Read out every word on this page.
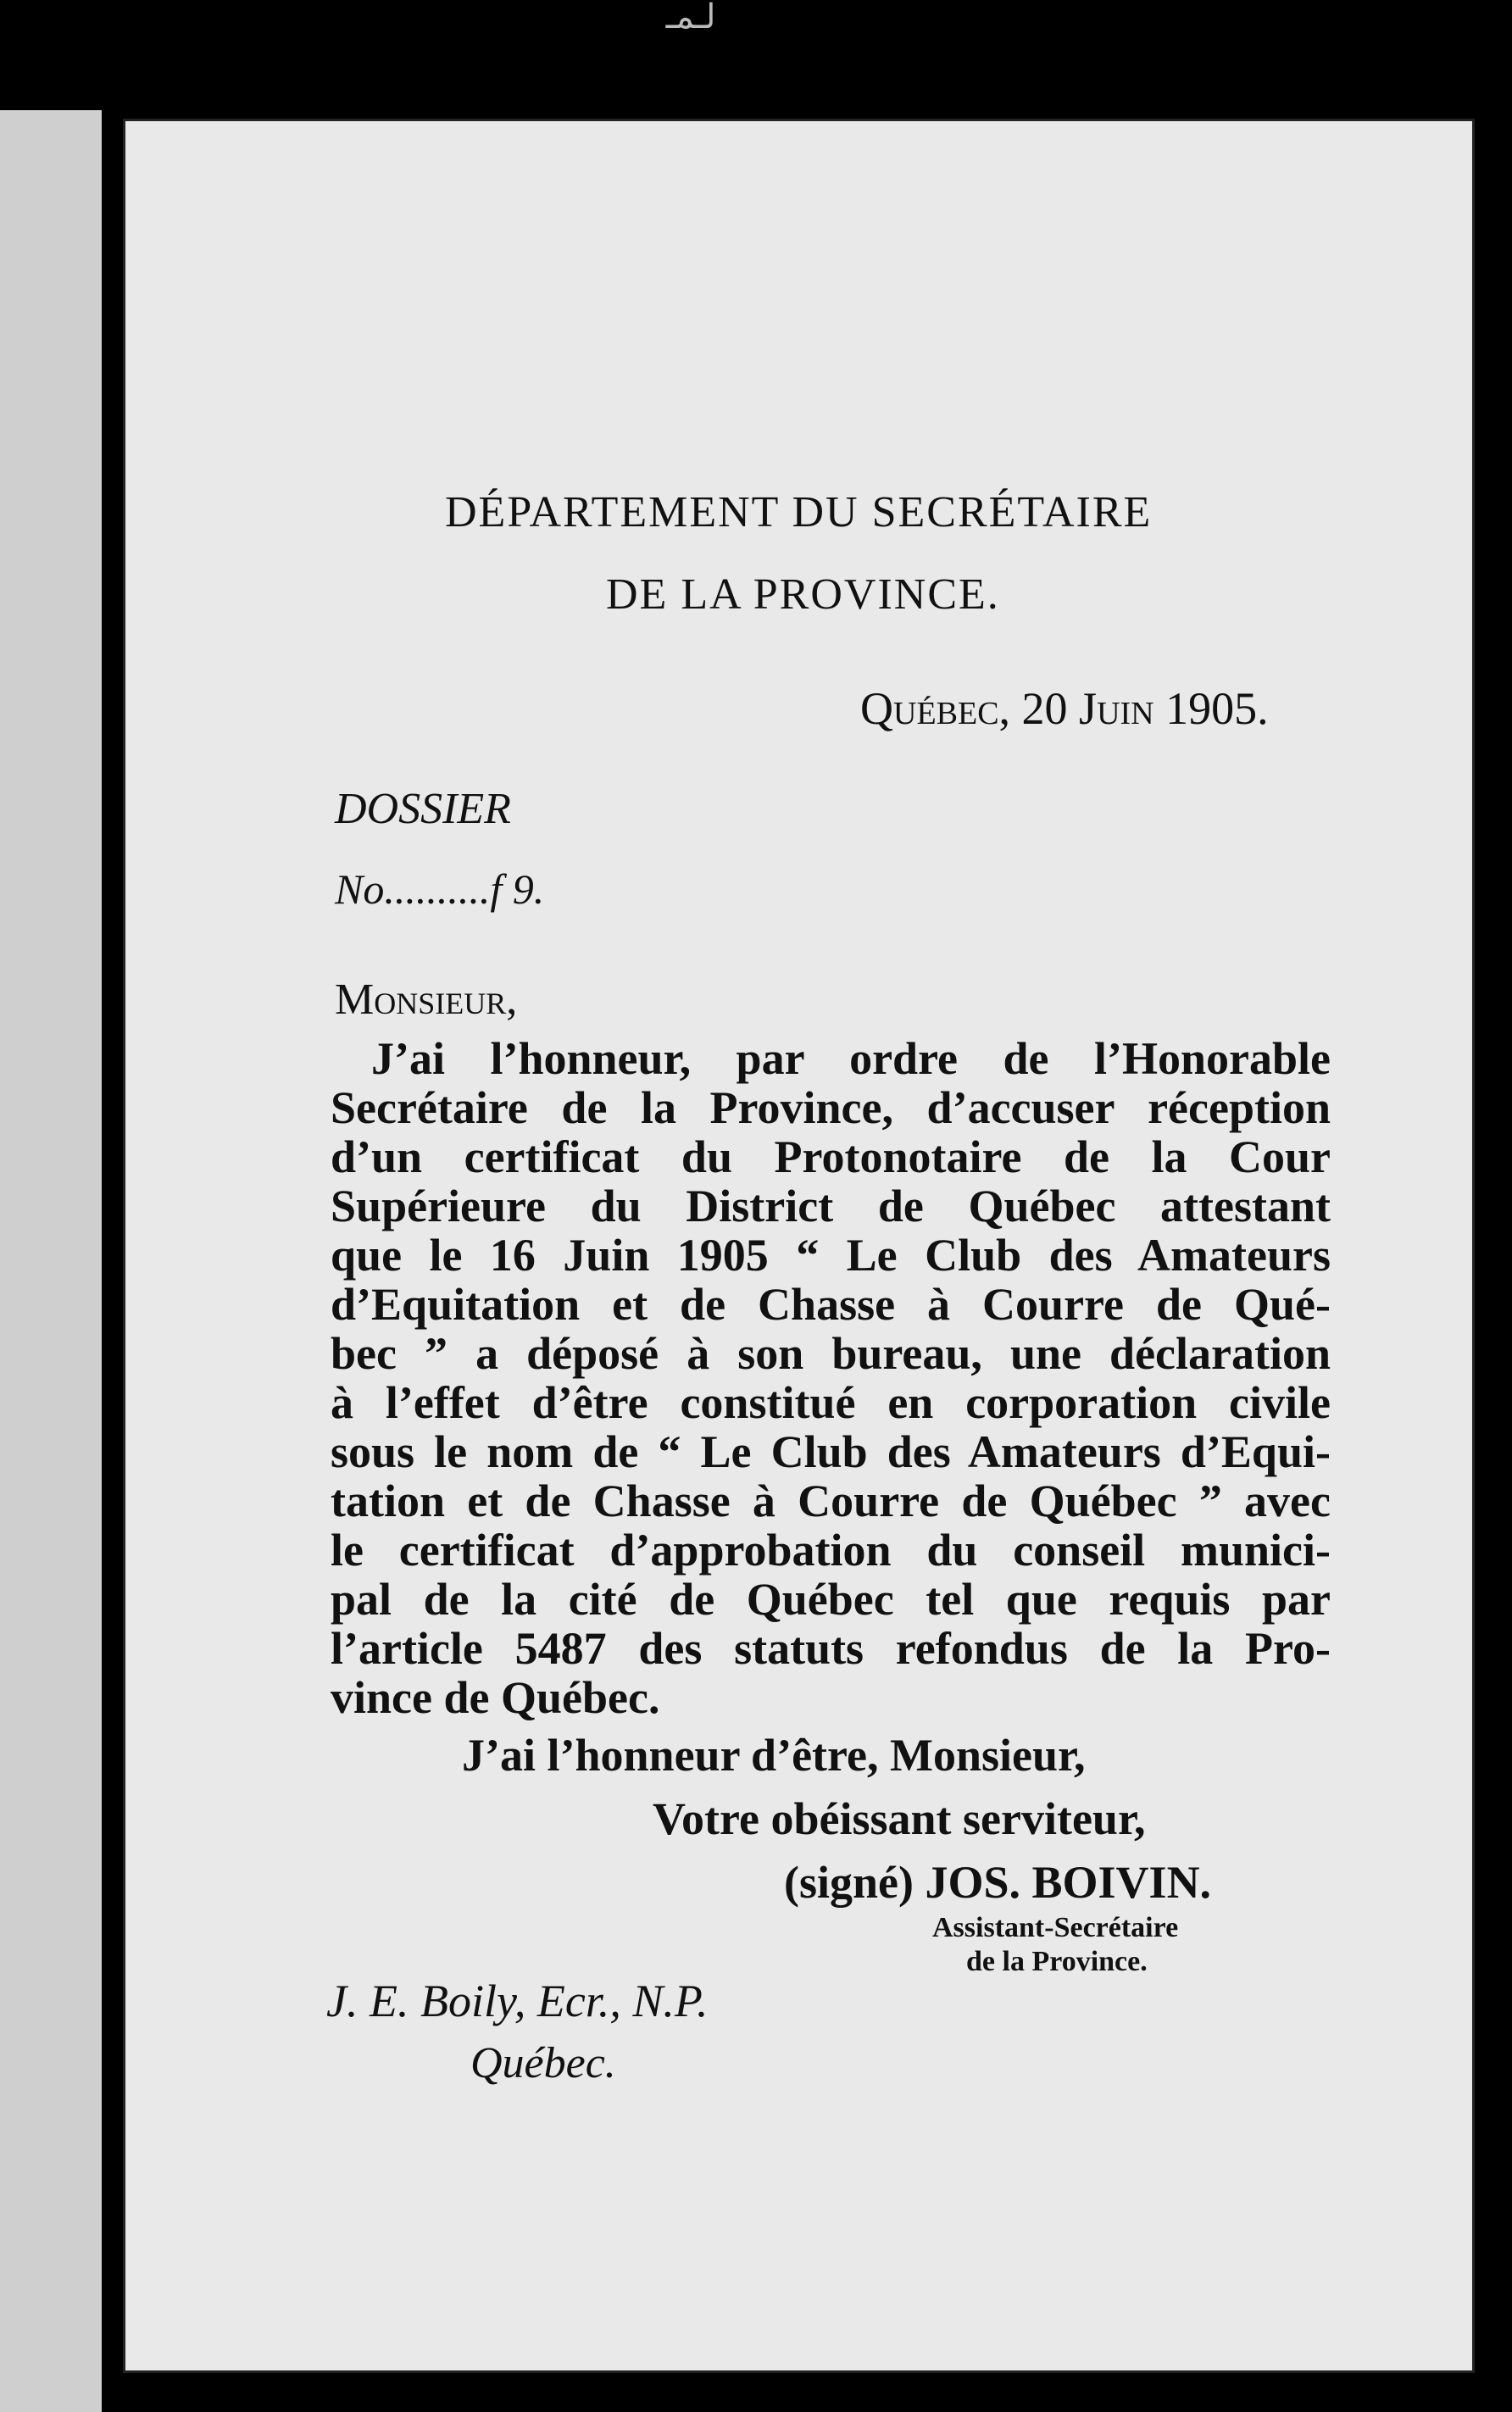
لـمـ
DÉPARTEMENT DU SECRÉTAIRE
DE LA PROVINCE.
Québec, 20 Juin 1905.
DOSSIER
No..........f 9.
Monsieur,
J’ai l’honneur, par ordre de l’Honorable
Secrétaire de la Province, d’accuser réception
d’un certificat du Protonotaire de la Cour
Supérieure du District de Québec attestant
que le 16 Juin 1905 “ Le Club des Amateurs
d’Equitation et de Chasse à Courre de Qué-
bec ” a déposé à son bureau, une déclaration
à l’effet d’être constitué en corporation civile
sous le nom de “ Le Club des Amateurs d’Equi-
tation et de Chasse à Courre de Québec ” avec
le certificat d’approbation du conseil munici-
pal de la cité de Québec tel que requis par
l’article 5487 des statuts refondus de la Pro-
vince de Québec.
J’ai l’honneur d’être, Monsieur,
Votre obéissant serviteur,
(signé) JOS. BOIVIN.
Assistant-Secrétaire
de la Province.
J. E. Boily, Ecr., N.P.
Québec.
